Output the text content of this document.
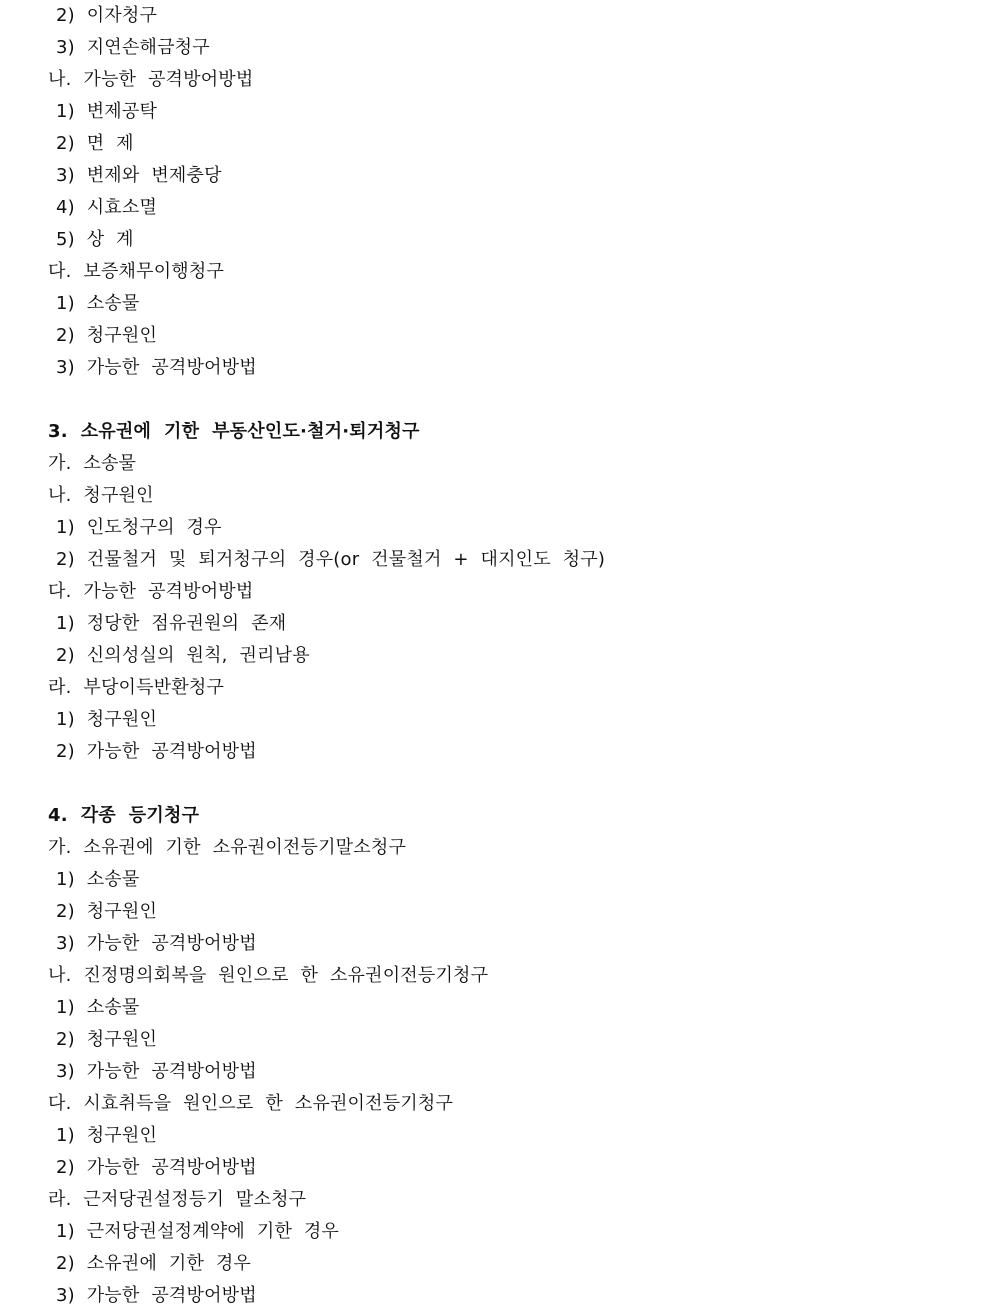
2)  이자청구
3)  지연손해금청구
나.  가능한  공격방어방법
1)  변제공탁
2)  면  제
3)  변제와  변제충당
4)  시효소멸
5)  상  계
다.  보증채무이행청구
1)  소송물
2)  청구원인
3)  가능한  공격방어방법
3.  소유권에  기한  부동산인도·철거·퇴거청구
가.  소송물
나.  청구원인
1)  인도청구의  경우
2)  건물철거  및  퇴거청구의  경우(or  건물철거  +  대지인도  청구)
다.  가능한  공격방어방법
1)  정당한  점유권원의  존재
2)  신의성실의  원칙,  권리남용
라.  부당이득반환청구
1)  청구원인
2)  가능한  공격방어방법
4.  각종  등기청구
가.  소유권에  기한  소유권이전등기말소청구
1)  소송물
2)  청구원인
3)  가능한  공격방어방법
나.  진정명의회복을  원인으로  한  소유권이전등기청구
1)  소송물
2)  청구원인
3)  가능한  공격방어방법
다.  시효취득을  원인으로  한  소유권이전등기청구
1)  청구원인
2)  가능한  공격방어방법
라.  근저당권설정등기  말소청구
1)  근저당권설정계약에  기한  경우
2)  소유권에  기한  경우
3)  가능한  공격방어방법
